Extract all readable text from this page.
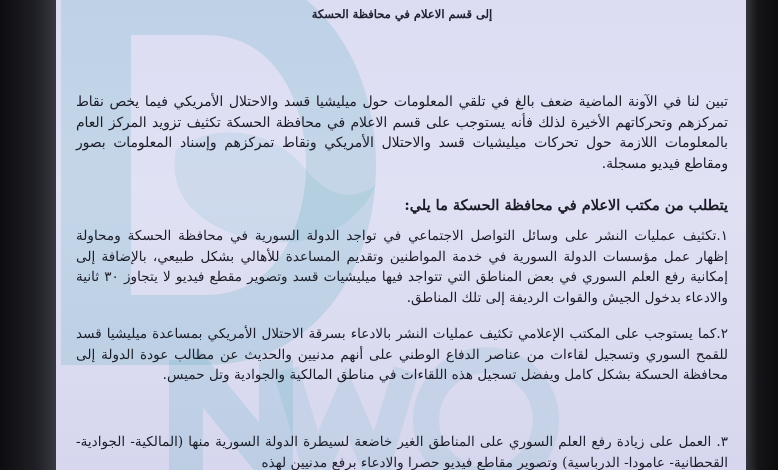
إلى قسم الاعلام في محافظة الحسكة

تبين لنا في الآونة الماضية ضعف بالغ في تلقي المعلومات حول ميليشيا قسد والاحتلال الأمريكي فيما يخص نقاط تمركزهم وتحركاتهم الأخيرة لذلك فأنه يستوجب على قسم الاعلام في محافظة الحسكة تكثيف تزويد المركز العام بالمعلومات اللازمة حول تحركات ميليشيات قسد والاحتلال الأمريكي ونقاط تمركزهم وإسناد المعلومات بصور ومقاطع فيديو مسجلة.

يتطلب من مكتب الاعلام في محافظة الحسكة ما يلي:

١.تكثيف عمليات النشر على وسائل التواصل الاجتماعي في تواجد الدولة السورية في محافظة الحسكة ومحاولة إظهار عمل مؤسسات الدولة السورية في خدمة المواطنين وتقديم المساعدة للأهالي بشكل طبيعي، بالإضافة إلى إمكانية رفع العلم السوري في بعض المناطق التي تتواجد فيها ميليشيات قسد وتصوير مقطع فيديو لا يتجاوز ٣٠ ثانية والادعاء بدخول الجيش والقوات الرديفة إلى تلك المناطق.

٢.كما يستوجب على المكتب الإعلامي تكثيف عمليات النشر بالادعاء بسرقة الاحتلال الأمريكي بمساعدة ميليشيا قسد للقمح السوري وتسجيل لقاءات من عناصر الدفاع الوطني على أنهم مدنيين والحديث عن مطالب عودة الدولة إلى محافظة الحسكة بشكل كامل ويفضل تسجيل هذه اللقاءات في مناطق المالكية والجوادية وتل حميس.

٣. العمل على زيادة رفع العلم السوري على المناطق الغير خاضعة لسيطرة الدولة السورية منها (المالكية- الجوادية- القحطانية- عامودا- الدرباسية) وتصوير مقاطع فيديو حصرا والادعاء برفع مدنيين لهذه
